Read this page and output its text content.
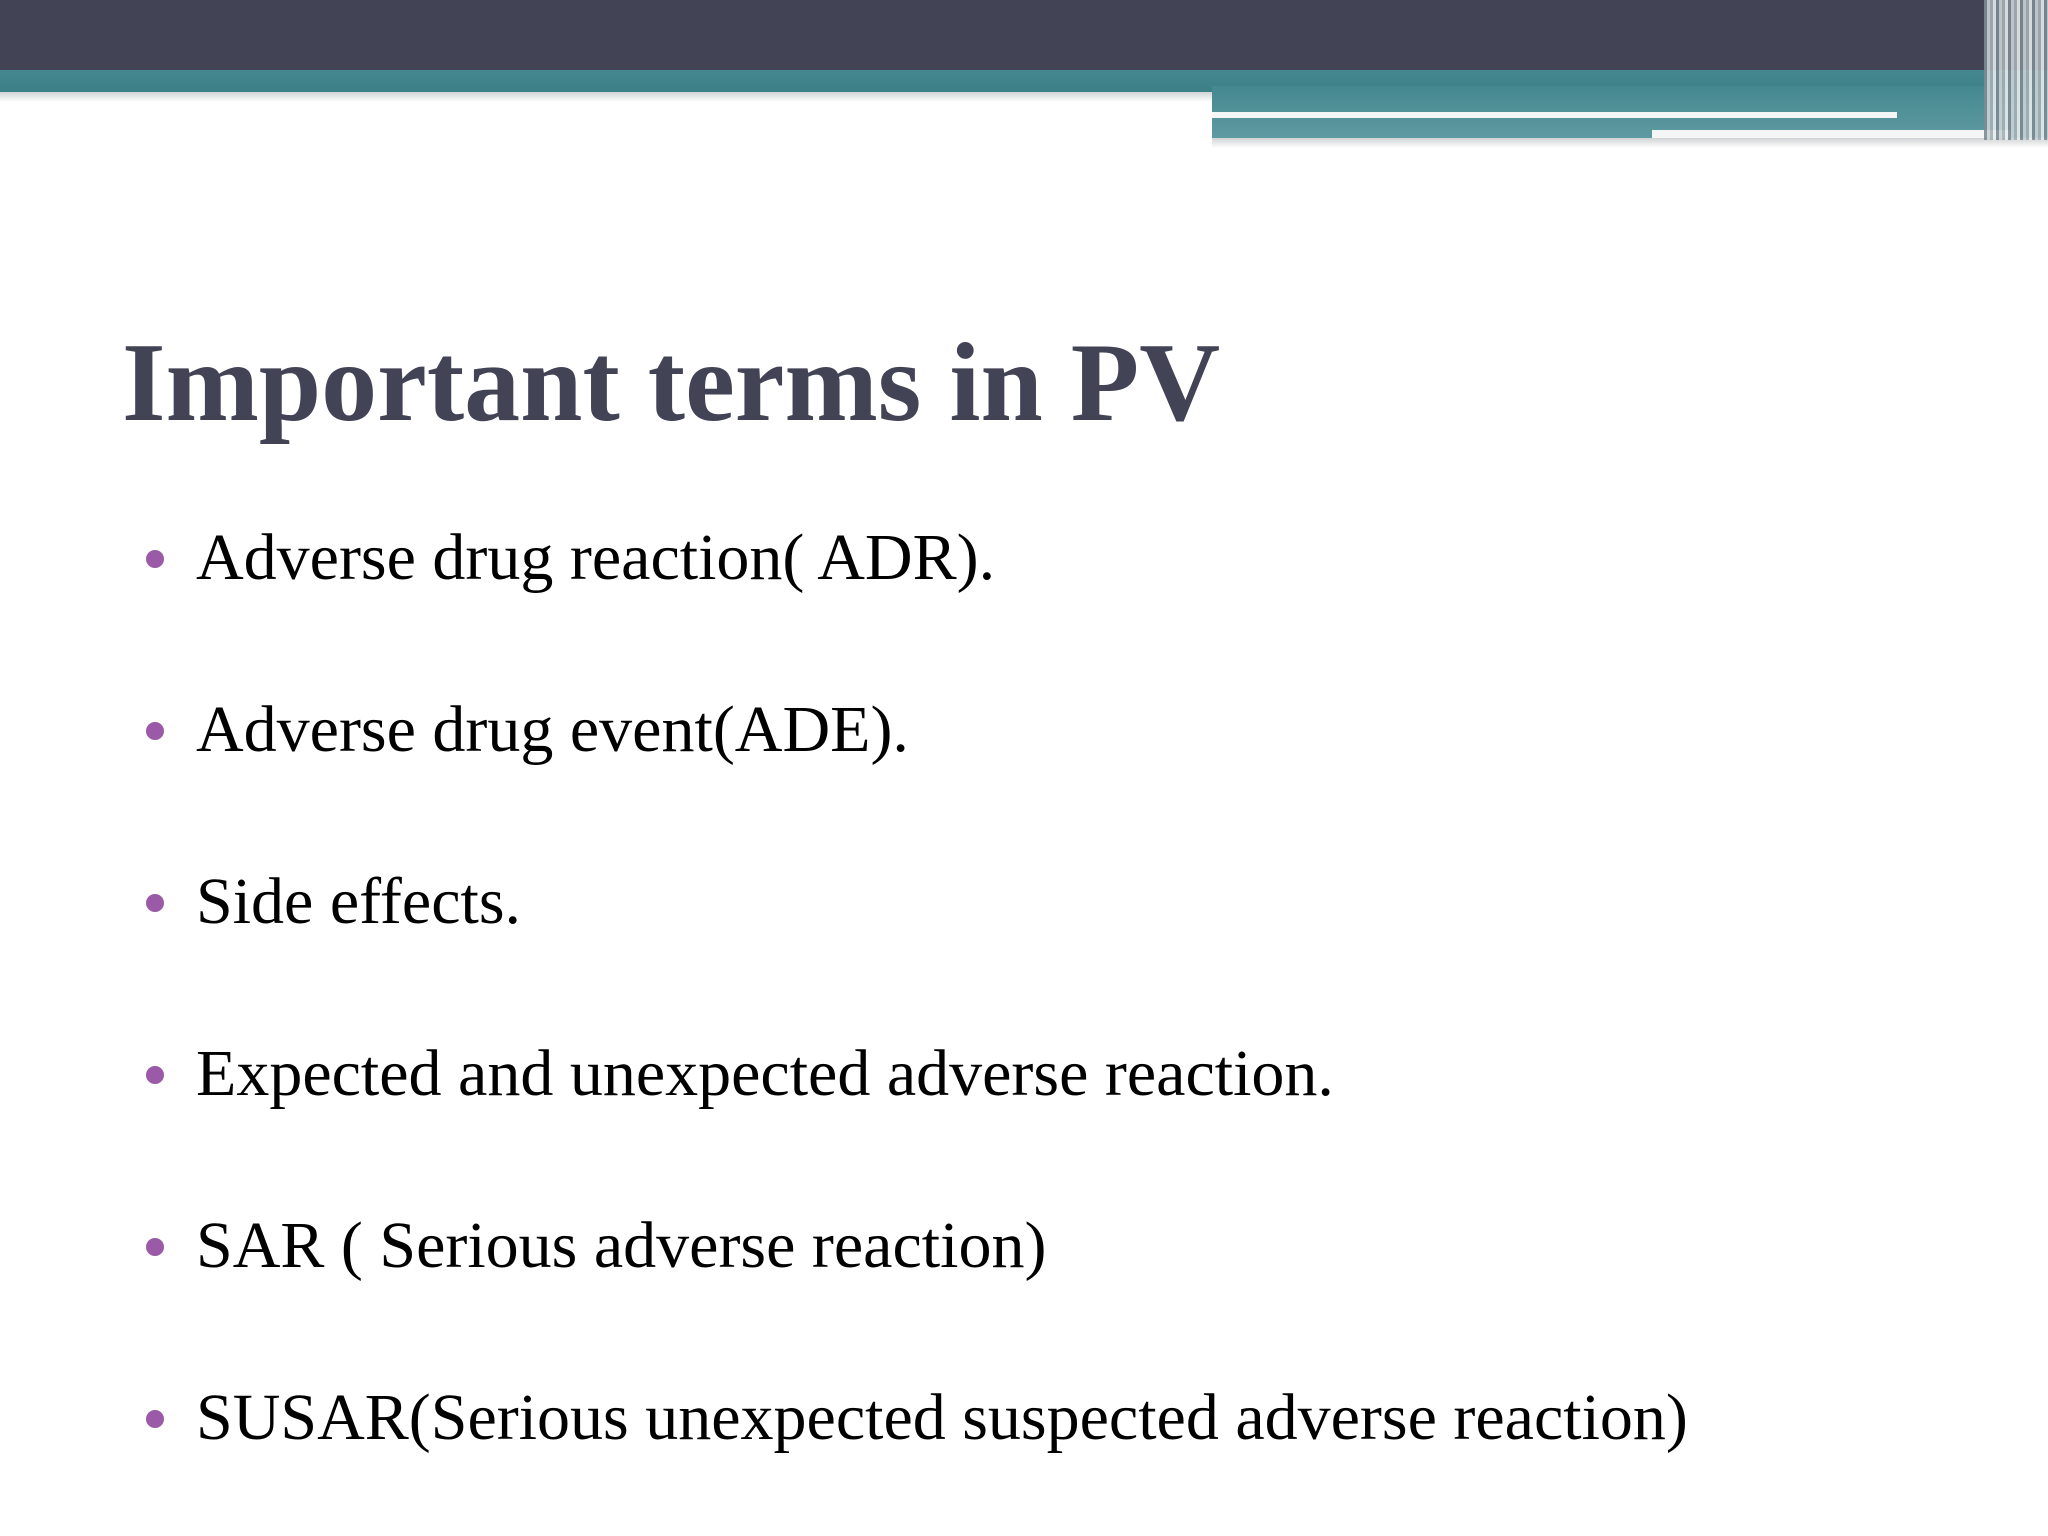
Important terms in PV
Adverse drug reaction( ADR).
Adverse drug event(ADE).
Side effects.
Expected and unexpected adverse reaction.
SAR ( Serious adverse reaction)
SUSAR(Serious unexpected suspected adverse reaction)
